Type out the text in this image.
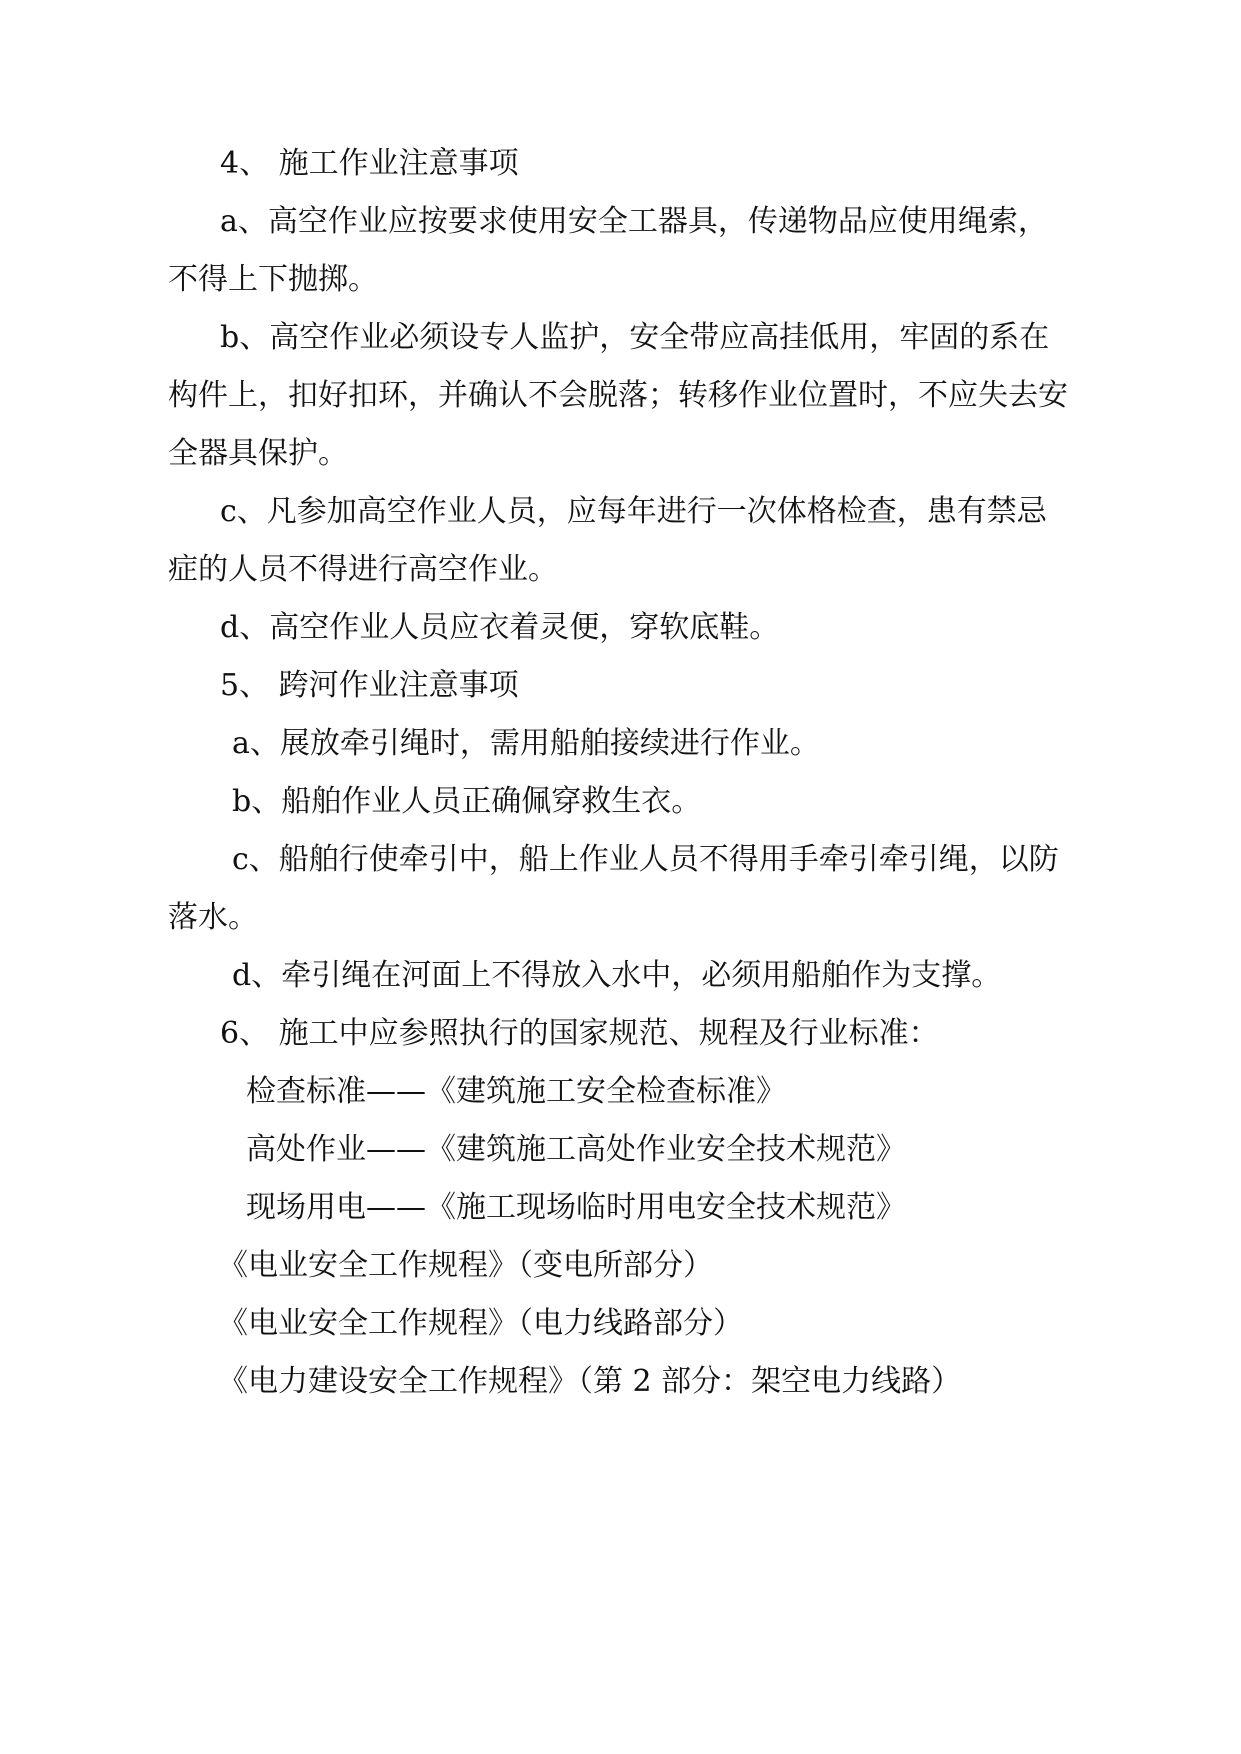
4、 施工作业注意事项
a、高空作业应按要求使用安全工器具，传递物品应使用绳索，
不得上下抛掷。
b、高空作业必须设专人监护，安全带应高挂低用，牢固的系在
构件上，扣好扣环，并确认不会脱落；转移作业位置时，不应失去安
全器具保护。
c、凡参加高空作业人员，应每年进行一次体格检查，患有禁忌
症的人员不得进行高空作业。
d、高空作业人员应衣着灵便，穿软底鞋。
5、 跨河作业注意事项
a、展放牵引绳时，需用船舶接续进行作业。
b、船舶作业人员正确佩穿救生衣。
c、船舶行使牵引中，船上作业人员不得用手牵引牵引绳，以防
落水。
d、牵引绳在河面上不得放入水中，必须用船舶作为支撑。
6、 施工中应参照执行的国家规范、规程及行业标准：
检查标准——《建筑施工安全检查标准》
高处作业——《建筑施工高处作业安全技术规范》
现场用电——《施工现场临时用电安全技术规范》
《电业安全工作规程》（变电所部分）
《电业安全工作规程》（电力线路部分）
《电力建设安全工作规程》（第 2 部分：架空电力线路）
